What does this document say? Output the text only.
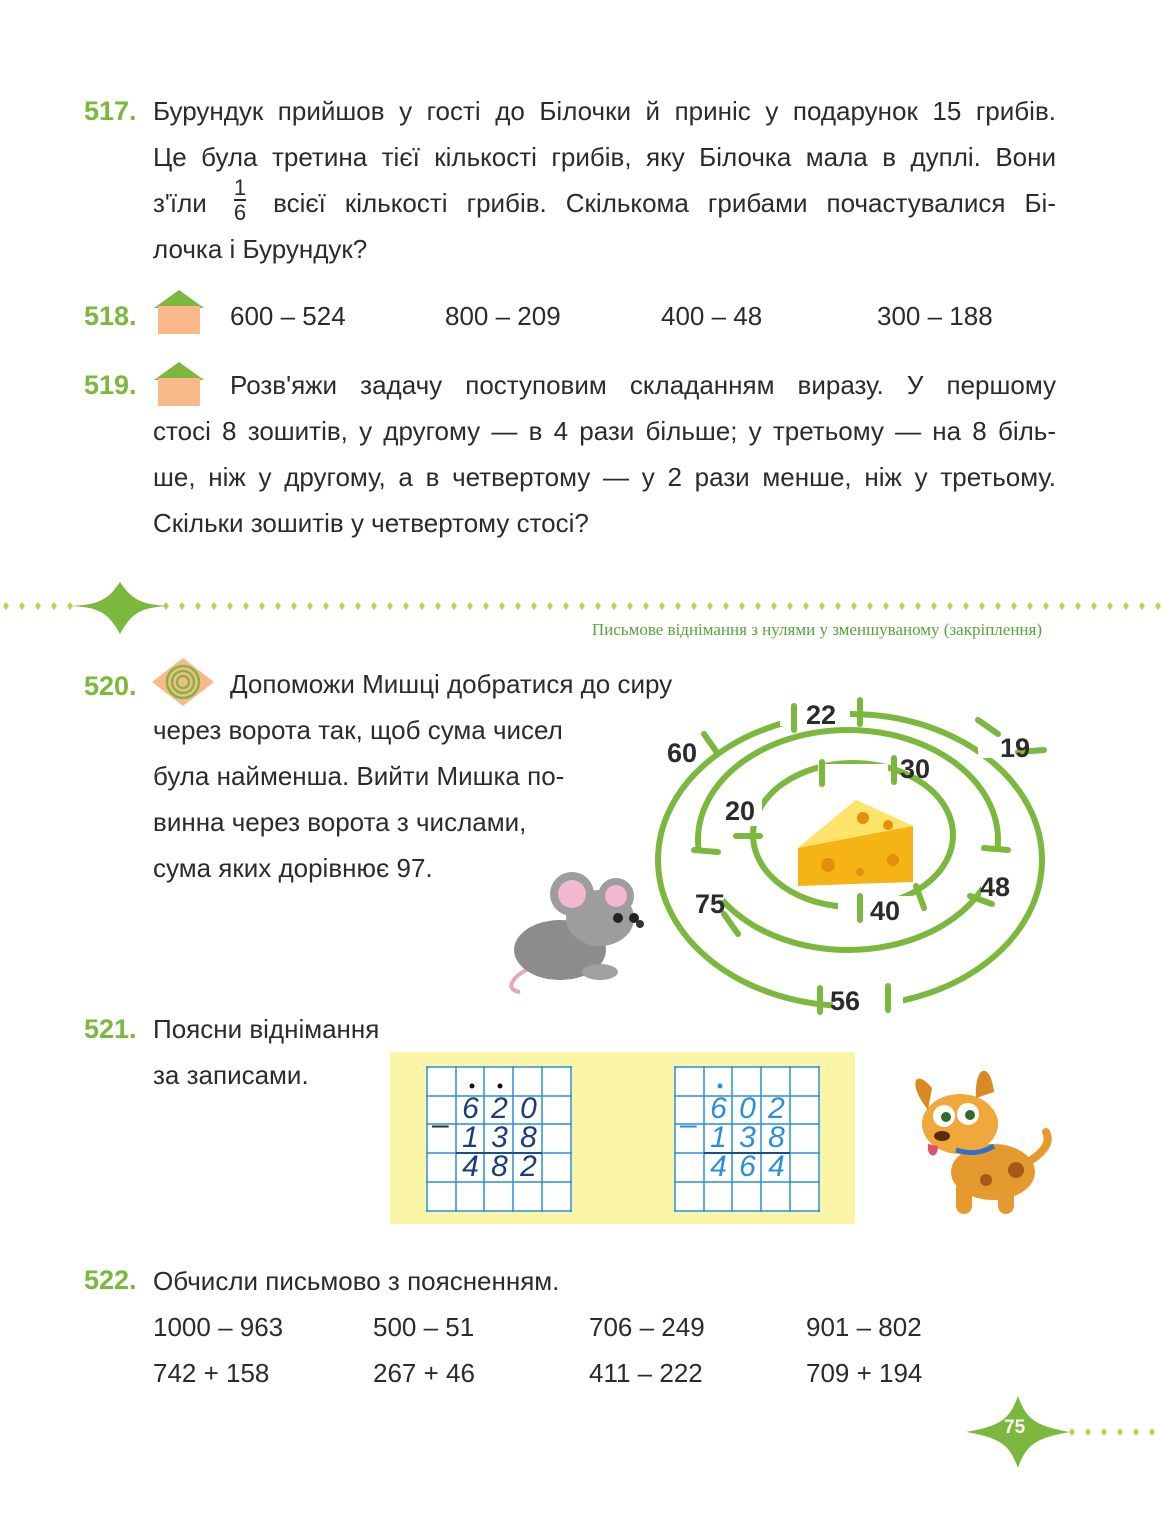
517. Бурундук прийшов у гості до Білочки й приніс у подарунок 15 грибів.
Це була третина тієї кількості грибів, яку Білочка мала в дуплі. Вони
$з'їли \frac{1}{6}$ всієї кількості грибів. Скількома грибами почастувалися Бі-
лочка і Бурундук?
518.	600 – 524	800 – 209	400 – 48	300 – 188
519.	Розв'яжи задачу поступовим складанням виразу. У першому
стосі 8 зошитів, у другому — в 4 рази більше; у третьому — на 8 біль-
ше, ніж у другому, а в четвертому — у 2 рази менше, ніж у третьому.
Скільки зошитів у четвертому стосі?
Письмове віднімання з нулями у зменшуваному (закріплення)
520.	Допоможи Мишці добратися до сиру
через ворота так, щоб сума чисел
була найменша. Вийти Мишка по-
винна через ворота з числами,
сума яких дорівнює 97.
22
19
60
30
20
48
75	40
56
521. Поясни віднімання
за записами.
– 6 2 0
1 3 8
4 8 2
– 6 0 2
1 3 8
4 6 4
522. Обчисли письмово з поясненням.
1000 – 963	500 – 51	706 – 249	901 – 802
742 + 158	267 + 46	411 – 222	709 + 194
75
